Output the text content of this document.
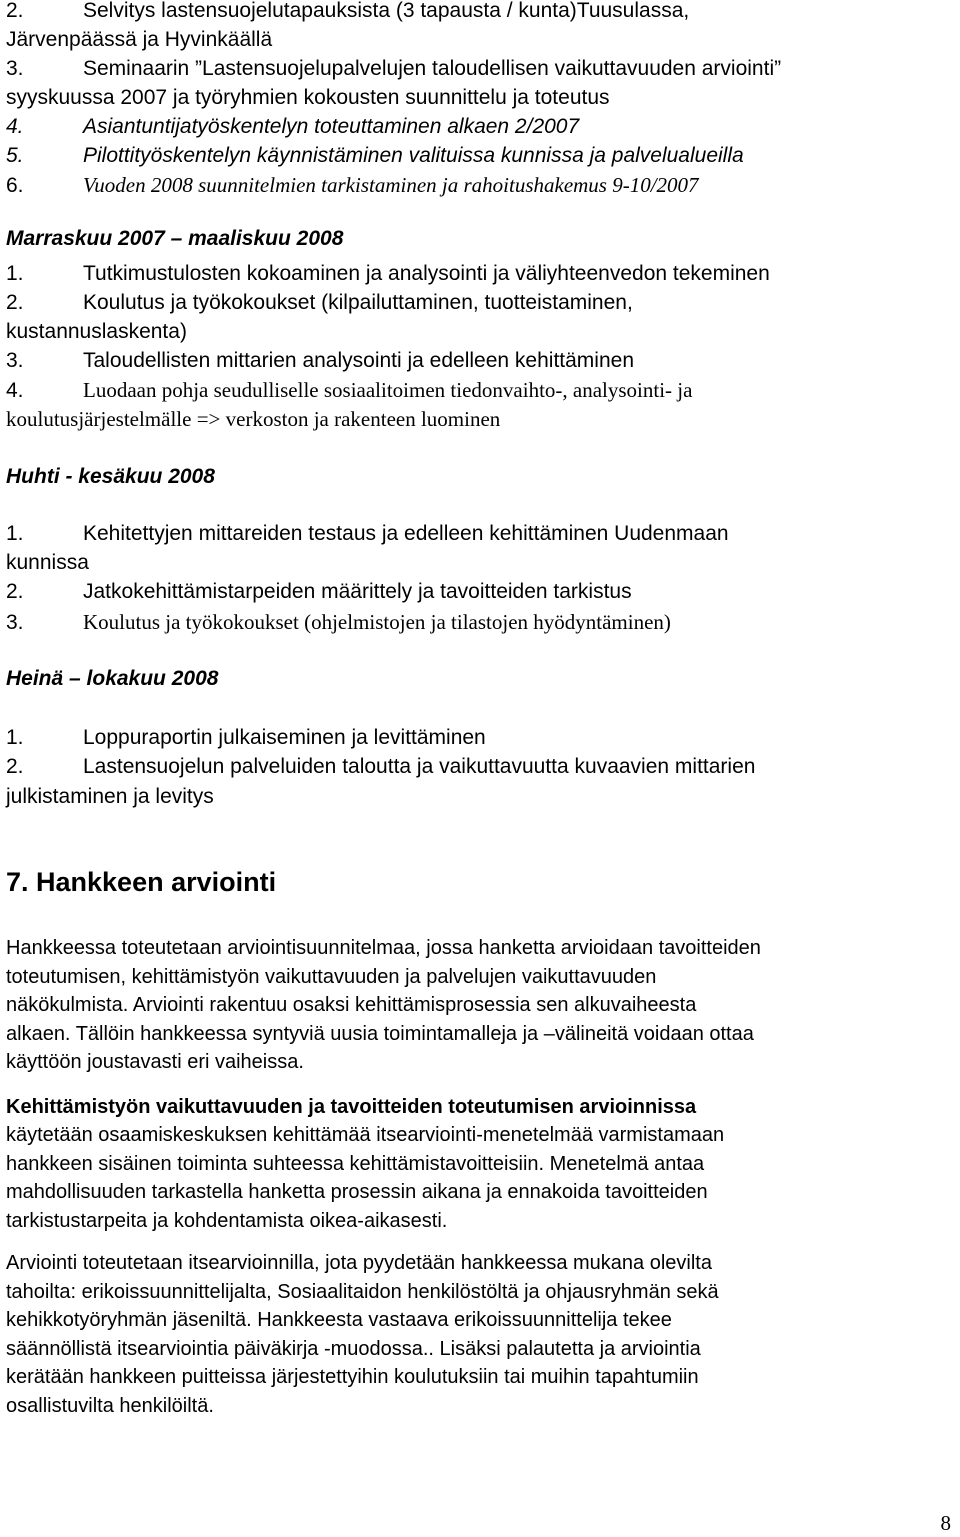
2.	Selvitys lastensuojelutapauksista (3 tapausta / kunta)Tuusulassa,

Järvenpäässä ja Hyvinkäällä

3.	Seminaarin ”Lastensuojelupalvelujen taloudellisen vaikuttavuuden arviointi”

syyskuussa 2007 ja työryhmien kokousten suunnittelu ja toteutus

4.	Asiantuntijatyöskentelyn toteuttaminen alkaen 2/2007

5.	Pilottityöskentelyn käynnistäminen valituissa kunnissa ja palvelualueilla

6.	Vuoden 2008 suunnitelmien tarkistaminen ja rahoitushakemus 9-10/2007

Marraskuu 2007 – maaliskuu 2008

1.	Tutkimustulosten kokoaminen ja analysointi ja väliyhteenvedon tekeminen

2.	Koulutus ja työkokoukset (kilpailuttaminen, tuotteistaminen,

kustannuslaskenta)

3.	Taloudellisten mittarien analysointi ja edelleen kehittäminen

4.	Luodaan pohja seudulliselle sosiaalitoimen tiedonvaihto-, analysointi- ja

koulutusjärjestelmälle => verkoston ja rakenteen luominen

Huhti - kesäkuu 2008

1.	Kehitettyjen mittareiden testaus ja edelleen kehittäminen Uudenmaan

kunnissa

2.	Jatkokehittämistarpeiden määrittely ja tavoitteiden tarkistus

3.	Koulutus ja työkokoukset (ohjelmistojen ja tilastojen hyödyntäminen)

Heinä – lokakuu 2008

1.	Loppuraportin julkaiseminen ja levittäminen

2.	Lastensuojelun palveluiden taloutta ja vaikuttavuutta kuvaavien mittarien

julkistaminen ja levitys

7. Hankkeen arviointi

Hankkeessa toteutetaan arviointisuunnitelmaa, jossa hanketta arvioidaan tavoitteiden

toteutumisen, kehittämistyön vaikuttavuuden ja palvelujen vaikuttavuuden

näkökulmista. Arviointi rakentuu osaksi kehittämisprosessia sen alkuvaiheesta

alkaen. Tällöin hankkeessa syntyviä uusia toimintamalleja ja –välineitä voidaan ottaa

käyttöön joustavasti eri vaiheissa.

Kehittämistyön vaikuttavuuden ja tavoitteiden toteutumisen arvioinnissa

käytetään osaamiskeskuksen kehittämää itsearviointi-menetelmää varmistamaan

hankkeen sisäinen toiminta suhteessa kehittämistavoitteisiin. Menetelmä antaa

mahdollisuuden tarkastella hanketta prosessin aikana ja ennakoida tavoitteiden

tarkistustarpeita ja kohdentamista oikea-aikasesti.

Arviointi toteutetaan itsearvioinnilla, jota pyydetään hankkeessa mukana olevilta

tahoilta: erikoissuunnittelijalta, Sosiaalitaidon henkilöstöltä ja ohjausryhmän sekä

kehikkotyöryhmän jäseniltä. Hankkeesta vastaava erikoissuunnittelija tekee

säännöllistä itsearviointia päiväkirja -muodossa.. Lisäksi palautetta ja arviointia

kerätään hankkeen puitteissa järjestettyihin koulutuksiin tai muihin tapahtumiin

osallistuvilta henkilöiltä.

8
